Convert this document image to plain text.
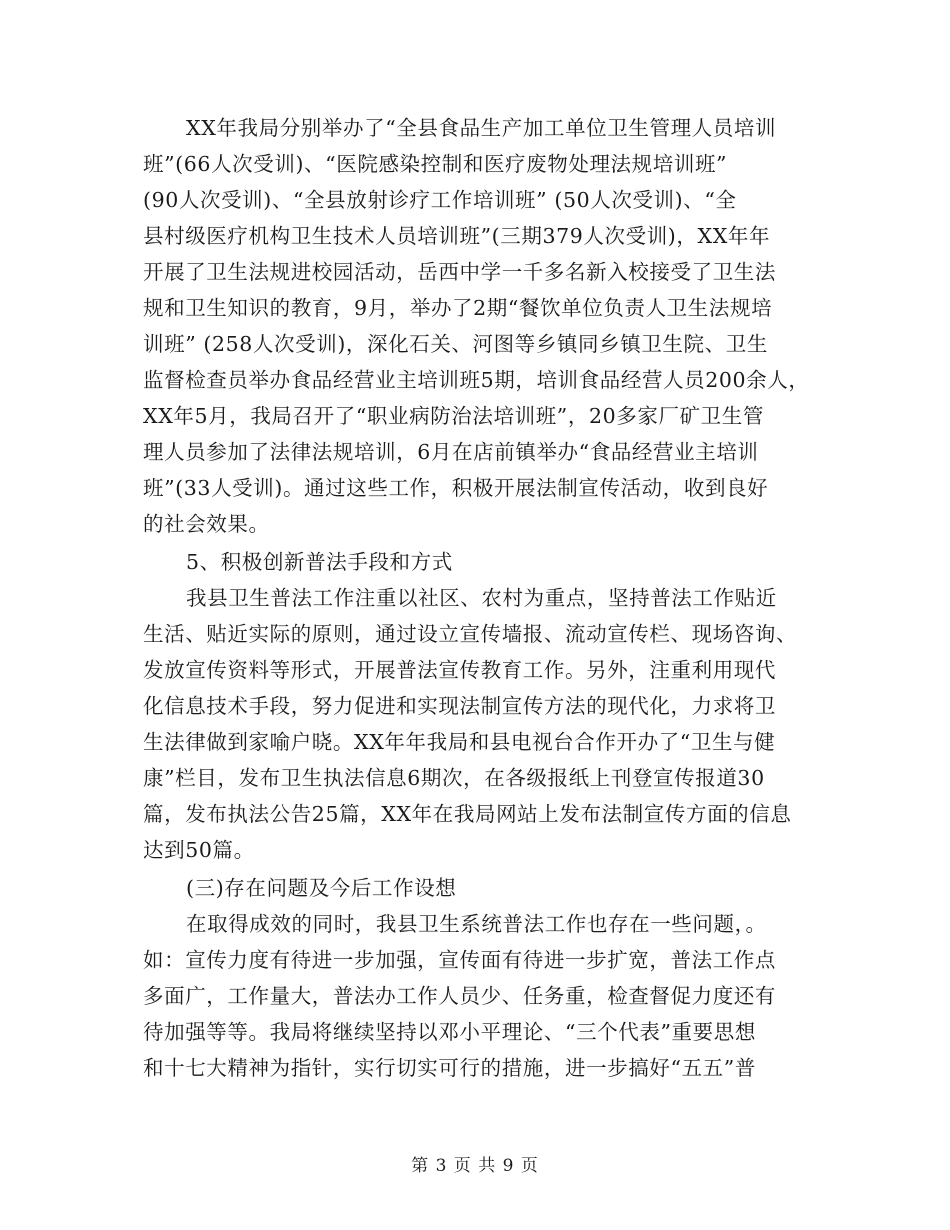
XX年我局分别举办了“全县食品生产加工单位卫生管理人员培训
班”(66人次受训)、“医院感染控制和医疗废物处理法规培训班”
(90人次受训)、“全县放射诊疗工作培训班” (50人次受训)、“全
县村级医疗机构卫生技术人员培训班”(三期379人次受训)，XX年年
开展了卫生法规进校园活动，岳西中学一千多名新入校接受了卫生法
规和卫生知识的教育，9月，举办了2期“餐饮单位负责人卫生法规培
训班” (258人次受训)，深化石关、河图等乡镇同乡镇卫生院、卫生
监督检查员举办食品经营业主培训班5期，培训食品经营人员200余人，
XX年5月，我局召开了“职业病防治法培训班”，20多家厂矿卫生管
理人员参加了法律法规培训，6月在店前镇举办“食品经营业主培训
班”(33人受训)。通过这些工作，积极开展法制宣传活动，收到良好
的社会效果。
5、积极创新普法手段和方式
我县卫生普法工作注重以社区、农村为重点，坚持普法工作贴近
生活、贴近实际的原则，通过设立宣传墙报、流动宣传栏、现场咨询、
发放宣传资料等形式，开展普法宣传教育工作。另外，注重利用现代
化信息技术手段，努力促进和实现法制宣传方法的现代化，力求将卫
生法律做到家喻户晓。XX年年我局和县电视台合作开办了“卫生与健
康”栏目，发布卫生执法信息6期次，在各级报纸上刊登宣传报道30
篇，发布执法公告25篇，XX年在我局网站上发布法制宣传方面的信息
达到50篇。
(三)存在问题及今后工作设想
在取得成效的同时，我县卫生系统普法工作也存在一些问题，。
如：宣传力度有待进一步加强，宣传面有待进一步扩宽，普法工作点
多面广，工作量大，普法办工作人员少、任务重，检查督促力度还有
待加强等等。我局将继续坚持以邓小平理论、“三个代表”重要思想
和十七大精神为指针，实行切实可行的措施，进一步搞好“五五”普
第 3 页 共 9 页
